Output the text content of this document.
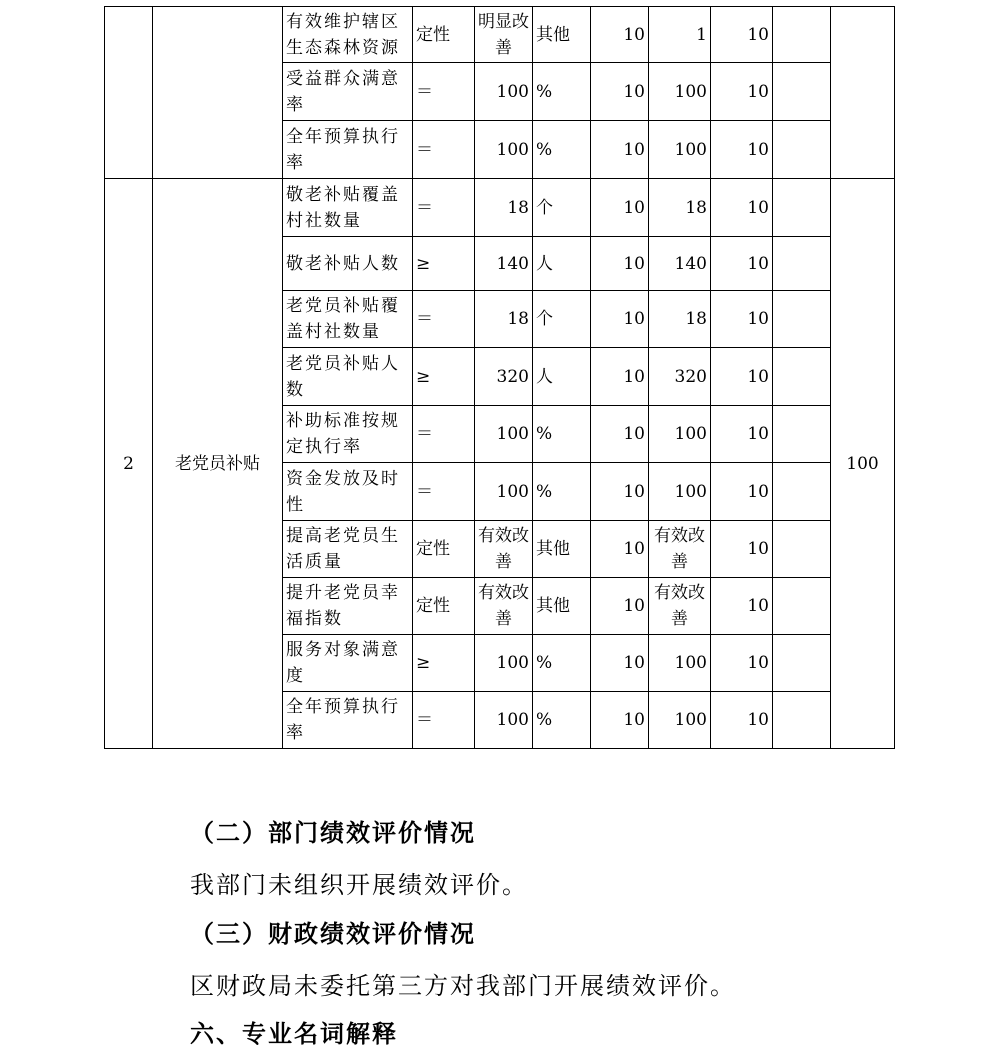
		有效维护辖区生态森林资源	定性	明显改善	其他	10	1	10		
		受益群众满意率	＝	100	%	10	100	10		
		全年预算执行率	＝	100	%	10	100	10		
2	老党员补贴	敬老补贴覆盖村社数量	＝	18	个	10	18	10		100
		敬老补贴人数	≥	140	人	10	140	10		
		老党员补贴覆盖村社数量	＝	18	个	10	18	10		
		老党员补贴人数	≥	320	人	10	320	10		
		补助标准按规定执行率	＝	100	%	10	100	10		
		资金发放及时性	＝	100	%	10	100	10		
		提高老党员生活质量	定性	有效改善	其他	10	有效改善	10		
		提升老党员幸福指数	定性	有效改善	其他	10	有效改善	10		
		服务对象满意度	≥	100	%	10	100	10		
		全年预算执行率	＝	100	%	10	100	10		

（二）部门绩效评价情况

我部门未组织开展绩效评价。

（三）财政绩效评价情况

区财政局未委托第三方对我部门开展绩效评价。

六、专业名词解释
